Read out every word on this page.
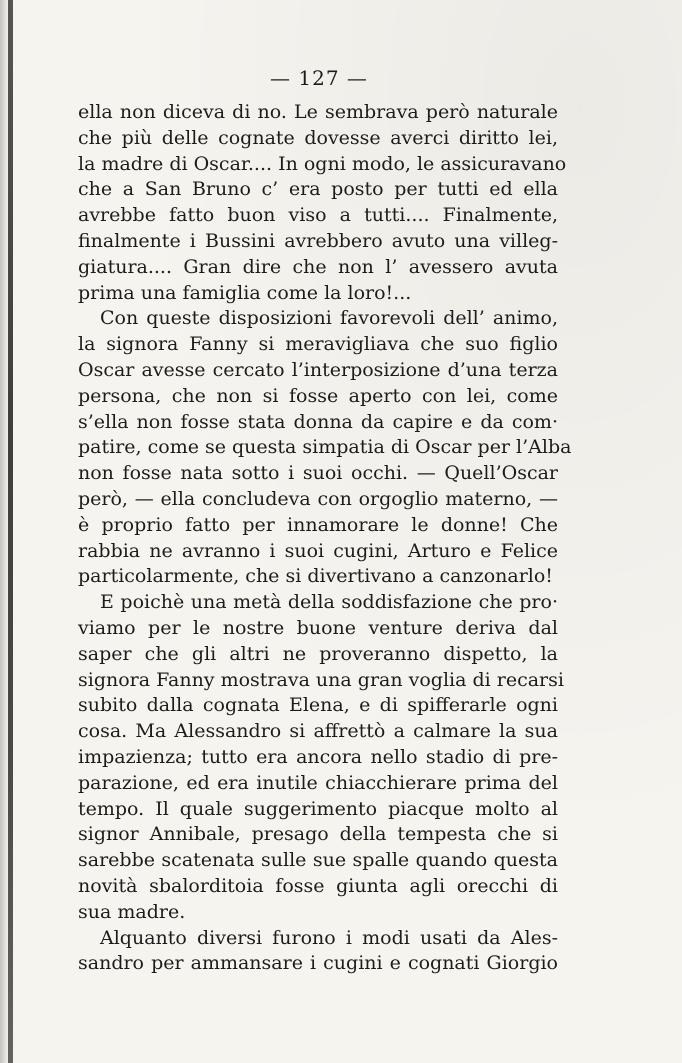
— 127 —
ella non diceva di no. Le sembrava però naturale
che più delle cognate dovesse averci diritto lei,
la madre di Oscar.... In ogni modo, le assicuravano
che a San Bruno c’ era posto per tutti ed ella
avrebbe fatto buon viso a tutti.... Finalmente,
finalmente i Bussini avrebbero avuto una villeg-
giatura.... Gran dire che non l’ avessero avuta
prima una famiglia come la loro!...
Con queste disposizioni favorevoli dell’ animo,
la signora Fanny si meravigliava che suo figlio
Oscar avesse cercato l’interposizione d’una terza
persona, che non si fosse aperto con lei, come
s’ella non fosse stata donna da capire e da com·
patire, come se questa simpatia di Oscar per l’Alba
non fosse nata sotto i suoi occhi. — Quell’Oscar
però, — ella concludeva con orgoglio materno, —
è proprio fatto per innamorare le donne! Che
rabbia ne avranno i suoi cugini, Arturo e Felice
particolarmente, che si divertivano a canzonarlo!
E poichè una metà della soddisfazione che pro·
viamo per le nostre buone venture deriva dal
saper che gli altri ne proveranno dispetto, la
signora Fanny mostrava una gran voglia di recarsi
subito dalla cognata Elena, e di spifferarle ogni
cosa. Ma Alessandro si affrettò a calmare la sua
impazienza; tutto era ancora nello stadio di pre-
parazione, ed era inutile chiacchierare prima del
tempo. Il quale suggerimento piacque molto al
signor Annibale, presago della tempesta che si
sarebbe scatenata sulle sue spalle quando questa
novità sbalorditoia fosse giunta agli orecchi di
sua madre.
Alquanto diversi furono i modi usati da Ales-
sandro per ammansare i cugini e cognati Giorgio
